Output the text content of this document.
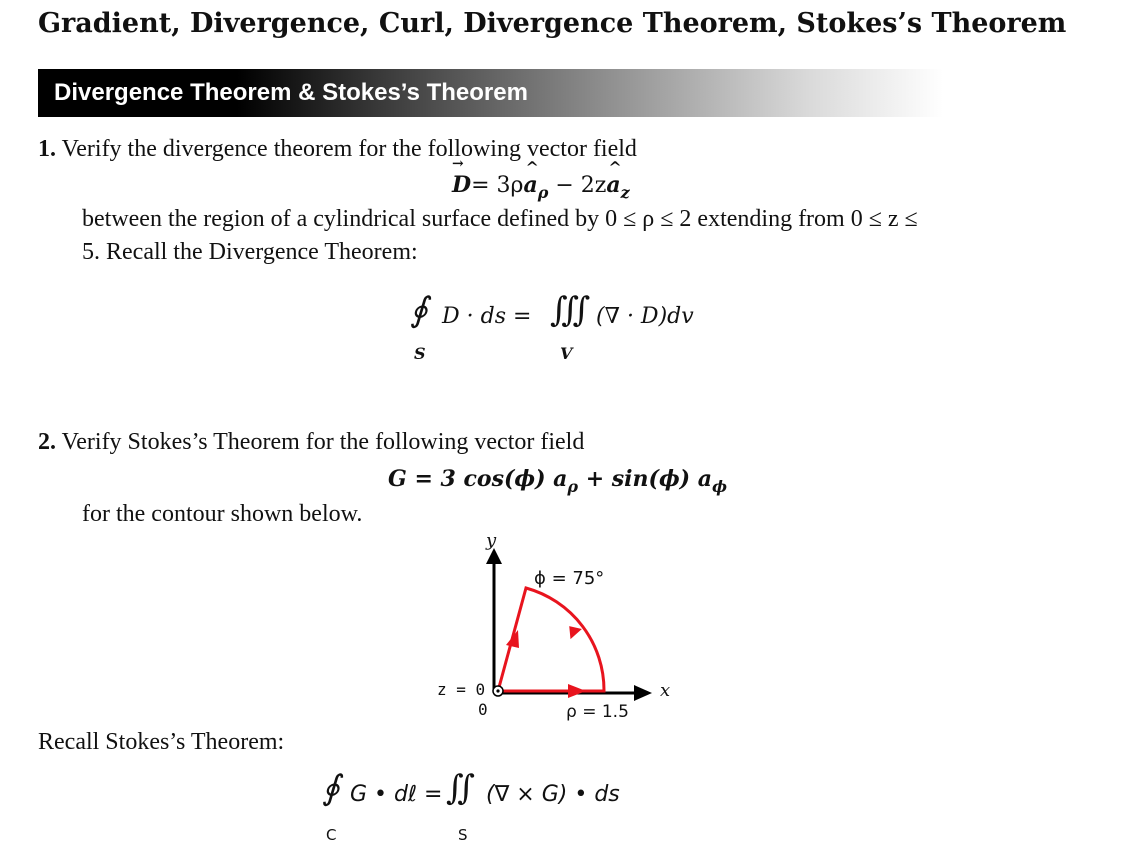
Gradient, Divergence, Curl, Divergence Theorem, Stokes’s Theorem
Divergence Theorem & Stokes’s Theorem
1. Verify the divergence theorem for the following vector field
→ D= 3ρ^ $a_\rho$ − 2z^ $a_z$
between the region of a cylindrical surface defined by 0 ≤ ρ ≤ 2 extending from 0 ≤ z ≤
5. Recall the Divergence Theorem:
∮
S
D · ds = ∭
V
(∇ · D)dv
2. Verify Stokes’s Theorem for the following vector field
G = 3 cos(ϕ) $a_\rho + \sin(\phi)$ $a_\phi$
for the contour shown below.
y
x
ϕ = 75°
z = 0
0	ρ = 1.5
Recall Stokes’s Theorem:
∮
C
G • dℓ = ∬
S
(∇ × G) • ds
